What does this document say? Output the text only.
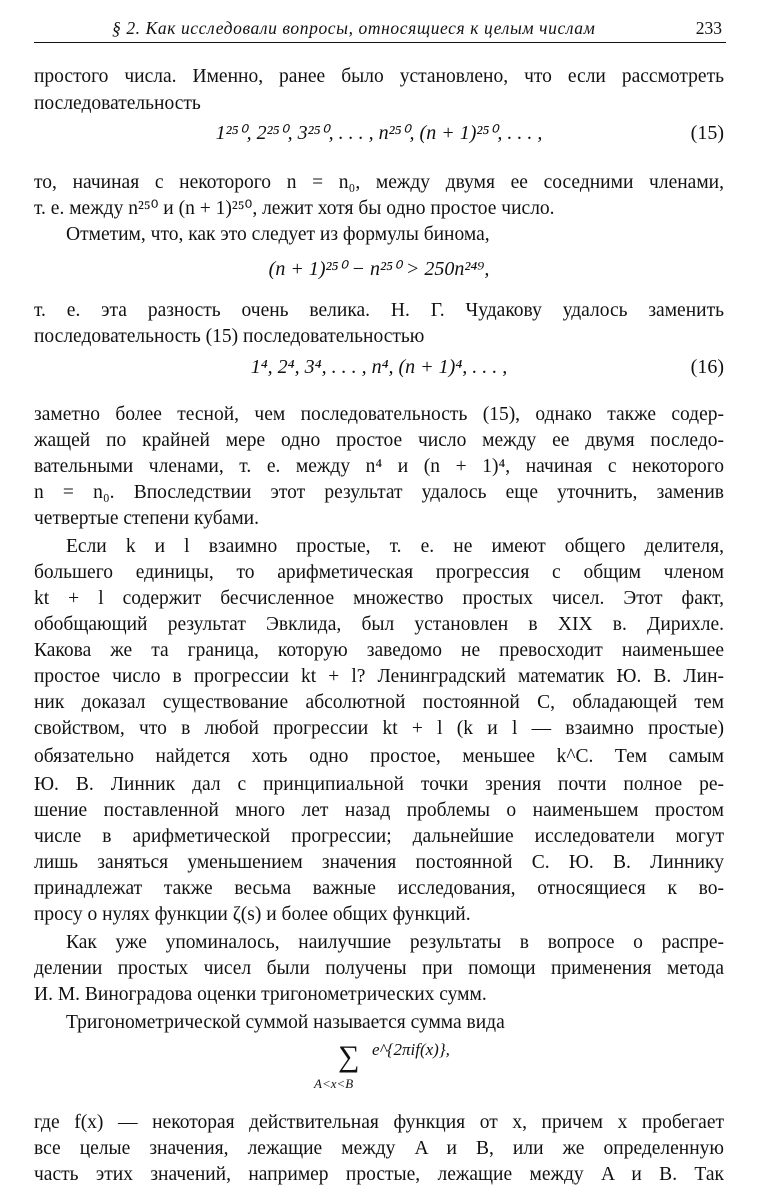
§ 2. Как исследовали вопросы, относящиеся к целым числам	233
простого числа. Именно, ранее было установлено, что если рассмотреть
последовательность
1²⁵⁰, 2²⁵⁰, 3²⁵⁰, . . . , n²⁵⁰, (n + 1)²⁵⁰, . . . ,	(15)
то, начиная с некоторого n = n₀, между двумя ее соседними членами,
т. е. между n²⁵⁰ и (n + 1)²⁵⁰, лежит хотя бы одно простое число.
Отметим, что, как это следует из формулы бинома,
(n + 1)²⁵⁰ − n²⁵⁰ > 250n²⁴⁹,
т. е. эта разность очень велика. Н. Г. Чудакову удалось заменить
последовательность (15) последовательностью
1⁴, 2⁴, 3⁴, . . . , n⁴, (n + 1)⁴, . . . ,	(16)
заметно более тесной, чем последовательность (15), однако также содер-
жащей по крайней мере одно простое число между ее двумя последо-
вательными членами, т. е. между n⁴ и (n + 1)⁴, начиная с некоторого
n = n₀. Впоследствии этот результат удалось еще уточнить, заменив
четвертые степени кубами.
Если k и l взаимно простые, т. е. не имеют общего делителя,
большего единицы, то арифметическая прогрессия с общим членом
kt + l содержит бесчисленное множество простых чисел. Этот факт,
обобщающий результат Эвклида, был установлен в XIX в. Дирихле.
Какова же та граница, которую заведомо не превосходит наименьшее
простое число в прогрессии kt + l? Ленинградский математик Ю. В. Лин-
ник доказал существование абсолютной постоянной C, обладающей тем
свойством, что в любой прогрессии kt + l (k и l — взаимно простые)
обязательно найдется хоть одно простое, меньшее k^C. Тем самым
Ю. В. Линник дал с принципиальной точки зрения почти полное ре-
шение поставленной много лет назад проблемы о наименьшем простом
числе в арифметической прогрессии; дальнейшие исследователи могут
лишь заняться уменьшением значения постоянной C. Ю. В. Линнику
принадлежат также весьма важные исследования, относящиеся к во-
просу о нулях функции ζ(s) и более общих функций.
Как уже упоминалось, наилучшие результаты в вопросе о распре-
делении простых чисел были получены при помощи применения метода
И. М. Виноградова оценки тригонометрических сумм.
Тригонометрической суммой называется сумма вида
∑
A<x<B
e^{2πif(x)},
где f(x) — некоторая действительная функция от x, причем x пробегает
все целые значения, лежащие между A и B, или же определенную
часть этих значений, например простые, лежащие между A и B. Так
